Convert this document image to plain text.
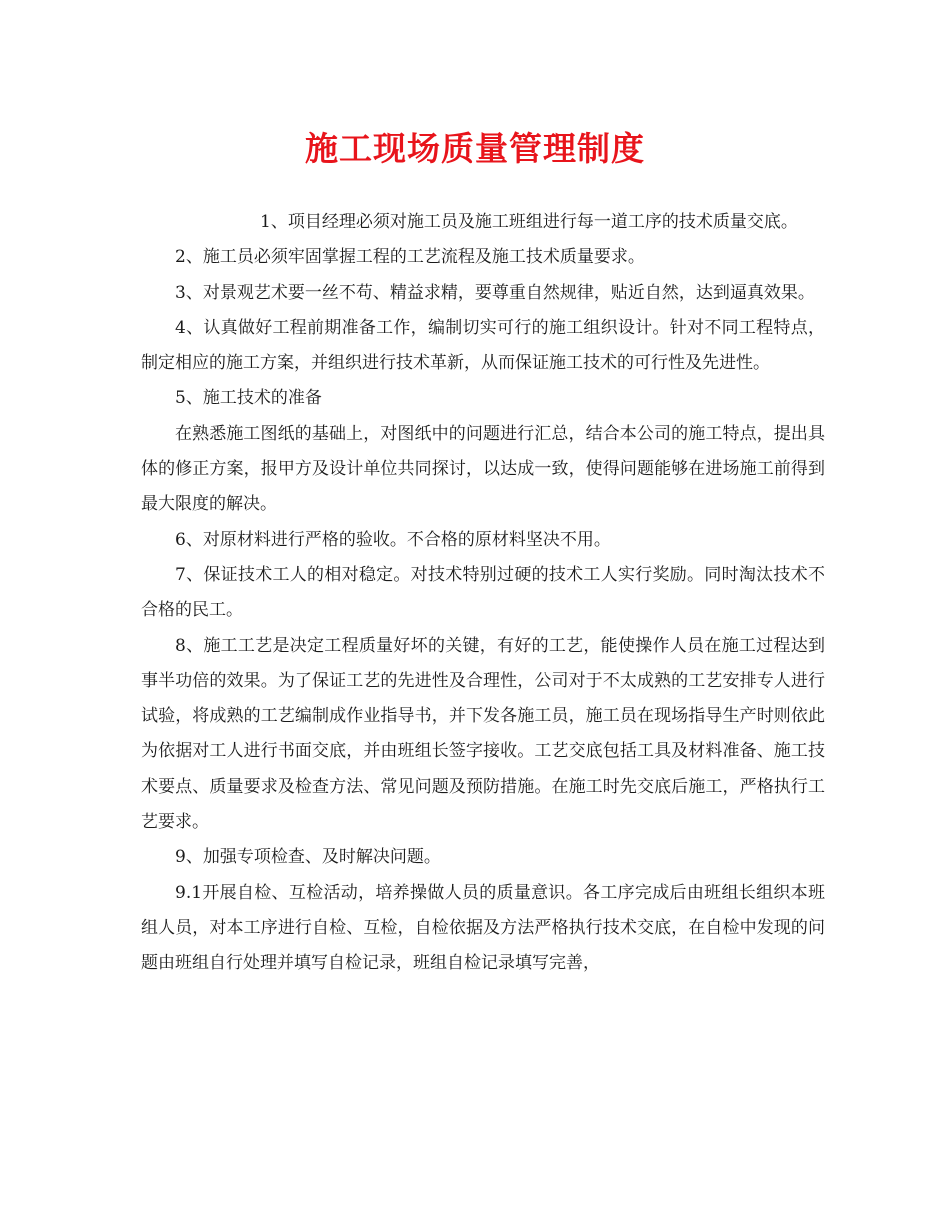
施工现场质量管理制度

1、项目经理必须对施工员及施工班组进行每一道工序的技术质量交底。

2、施工员必须牢固掌握工程的工艺流程及施工技术质量要求。

3、对景观艺术要一丝不苟、精益求精，要尊重自然规律，贴近自然，达到逼真效果。

4、认真做好工程前期准备工作，编制切实可行的施工组织设计。针对不同工程特点，制定相应的施工方案，并组织进行技术革新，从而保证施工技术的可行性及先进性。

5、施工技术的准备

在熟悉施工图纸的基础上，对图纸中的问题进行汇总，结合本公司的施工特点，提出具体的修正方案，报甲方及设计单位共同探讨，以达成一致，使得问题能够在进场施工前得到最大限度的解决。

6、对原材料进行严格的验收。不合格的原材料坚决不用。

7、保证技术工人的相对稳定。对技术特别过硬的技术工人实行奖励。同时淘汰技术不合格的民工。

8、施工工艺是决定工程质量好坏的关键，有好的工艺，能使操作人员在施工过程达到事半功倍的效果。为了保证工艺的先进性及合理性，公司对于不太成熟的工艺安排专人进行试验，将成熟的工艺编制成作业指导书，并下发各施工员，施工员在现场指导生产时则依此为依据对工人进行书面交底，并由班组长签字接收。工艺交底包括工具及材料准备、施工技术要点、质量要求及检查方法、常见问题及预防措施。在施工时先交底后施工，严格执行工艺要求。

9、加强专项检查、及时解决问题。

9.1开展自检、互检活动，培养操做人员的质量意识。各工序完成后由班组长组织本班组人员，对本工序进行自检、互检，自检依据及方法严格执行技术交底，在自检中发现的问题由班组自行处理并填写自检记录，班组自检记录填写完善，
